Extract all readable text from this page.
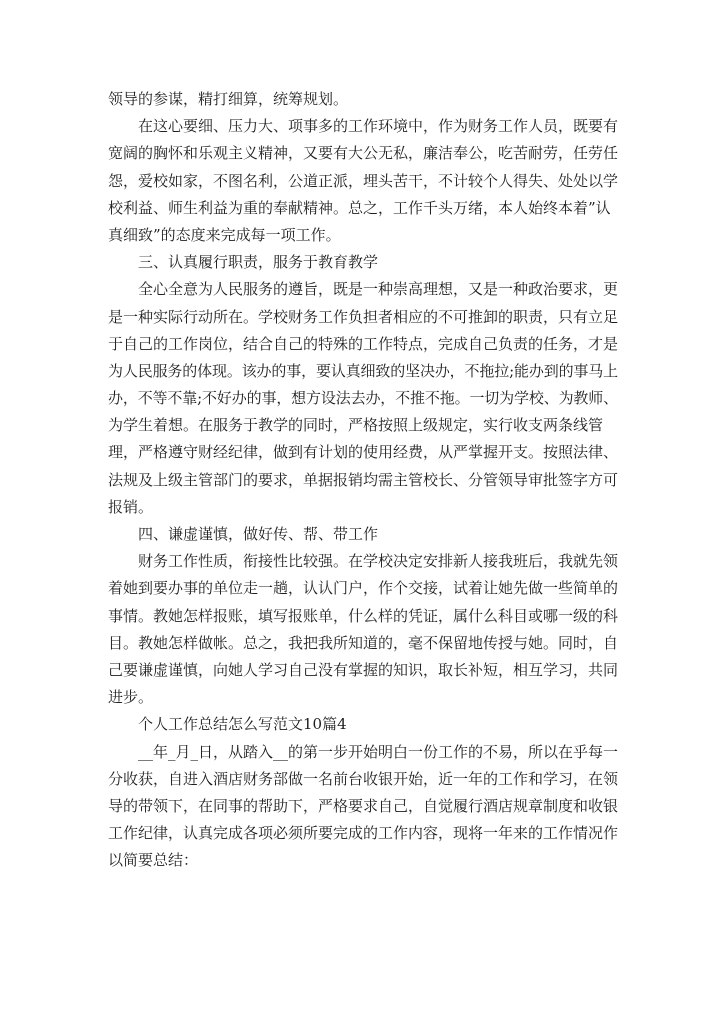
领导的参谋，精打细算，统筹规划。
在这心要细、压力大、项事多的工作环境中，作为财务工作人员，既要有
宽阔的胸怀和乐观主义精神，又要有大公无私，廉洁奉公，吃苦耐劳，任劳任
怨，爱校如家，不图名利，公道正派，埋头苦干，不计较个人得失、处处以学
校利益、师生利益为重的奉献精神。总之，工作千头万绪，本人始终本着”认
真细致”的态度来完成每一项工作。
三、认真履行职责，服务于教育教学
全心全意为人民服务的遵旨，既是一种崇高理想，又是一种政治要求，更
是一种实际行动所在。学校财务工作负担者相应的不可推卸的职责，只有立足
于自己的工作岗位，结合自己的特殊的工作特点，完成自己负责的任务，才是
为人民服务的体现。该办的事，要认真细致的坚决办，不拖拉;能办到的事马上
办，不等不靠;不好办的事，想方设法去办，不推不拖。一切为学校、为教师、
为学生着想。在服务于教学的同时，严格按照上级规定，实行收支两条线管
理，严格遵守财经纪律，做到有计划的使用经费，从严掌握开支。按照法律、
法规及上级主管部门的要求，单据报销均需主管校长、分管领导审批签字方可
报销。
四、谦虚谨慎，做好传、帮、带工作
财务工作性质，衔接性比较强。在学校决定安排新人接我班后，我就先领
着她到要办事的单位走一趟，认认门户，作个交接，试着让她先做一些简单的
事情。教她怎样报账，填写报账单，什么样的凭证，属什么科目或哪一级的科
目。教她怎样做帐。总之，我把我所知道的，毫不保留地传授与她。同时，自
己要谦虚谨慎，向她人学习自己没有掌握的知识，取长补短，相互学习，共同
进步。
个人工作总结怎么写范文10篇4
__年_月_日，从踏入__的第一步开始明白一份工作的不易，所以在乎每一
分收获，自进入酒店财务部做一名前台收银开始，近一年的工作和学习，在领
导的带领下，在同事的帮助下，严格要求自己，自觉履行酒店规章制度和收银
工作纪律，认真完成各项必须所要完成的工作内容，现将一年来的工作情况作
以简要总结：
